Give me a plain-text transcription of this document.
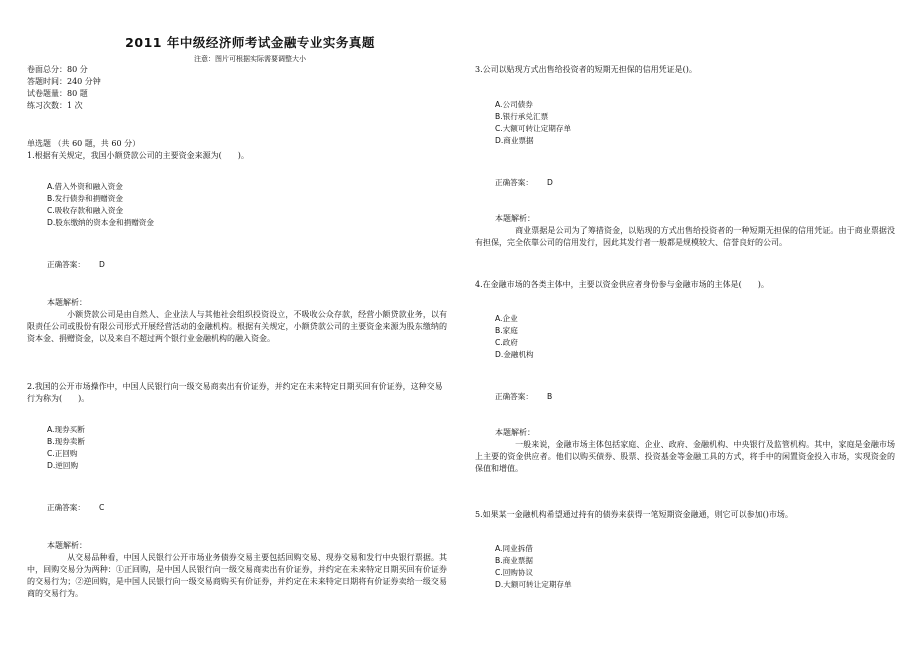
2011 年中级经济师考试金融专业实务真题
注意：图片可根据实际需要调整大小
卷面总分：80 分
答题时间：240 分钟
试卷题量：80 题
练习次数：1 次
单选题 （共 60 题，共 60 分）
1.根据有关规定，我国小额贷款公司的主要资金来源为(　　)。
A.借入外资和融入资金
B.发行债券和捐赠资金
C.吸收存款和融入资金
D.股东缴纳的资本金和捐赠资金
正确答案： D
本题解析：
小额贷款公司是由自然人、企业法人与其他社会组织投资设立，不吸收公众存款，经营小额贷款业务，以有限责任公司或股份有限公司形式开展经营活动的金融机构。根据有关规定，小额贷款公司的主要资金来源为股东缴纳的资本金、捐赠资金，以及来自不超过两个银行业金融机构的融入资金。
2.我国的公开市场操作中，中国人民银行向一级交易商卖出有价证券，并约定在未来特定日期买回有价证券，这种交易行为称为(　　)。
A.现券买断
B.现券卖断
C.正回购
D.逆回购
正确答案： C
本题解析：
从交易品种看，中国人民银行公开市场业务债券交易主要包括回购交易、现券交易和发行中央银行票据。其中，回购交易分为两种：①正回购，是中国人民银行向一级交易商卖出有价证券，并约定在未来特定日期买回有价证券的交易行为；②逆回购，是中国人民银行向一级交易商购买有价证券，并约定在未来特定日期将有价证券卖给一级交易商的交易行为。
3.公司以贴现方式出售给投资者的短期无担保的信用凭证是()。
A.公司债券
B.银行承兑汇票
C.大额可转让定期存单
D.商业票据
正确答案： D
本题解析：
商业票据是公司为了筹措资金，以贴现的方式出售给投资者的一种短期无担保的信用凭证。由于商业票据没有担保，完全依靠公司的信用发行，因此其发行者一般都是规模较大、信誉良好的公司。
4.在金融市场的各类主体中，主要以资金供应者身份参与金融市场的主体是(　　)。
A.企业
B.家庭
C.政府
D.金融机构
正确答案： B
本题解析：
一般来说，金融市场主体包括家庭、企业、政府、金融机构、中央银行及监管机构。其中，家庭是金融市场上主要的资金供应者。他们以购买债券、股票、投资基金等金融工具的方式，将手中的闲置资金投入市场，实现资金的保值和增值。
5.如果某一金融机构希望通过持有的债券来获得一笔短期资金融通，则它可以参加()市场。
A.同业拆借
B.商业票据
C.回购协议
D.大额可转让定期存单
